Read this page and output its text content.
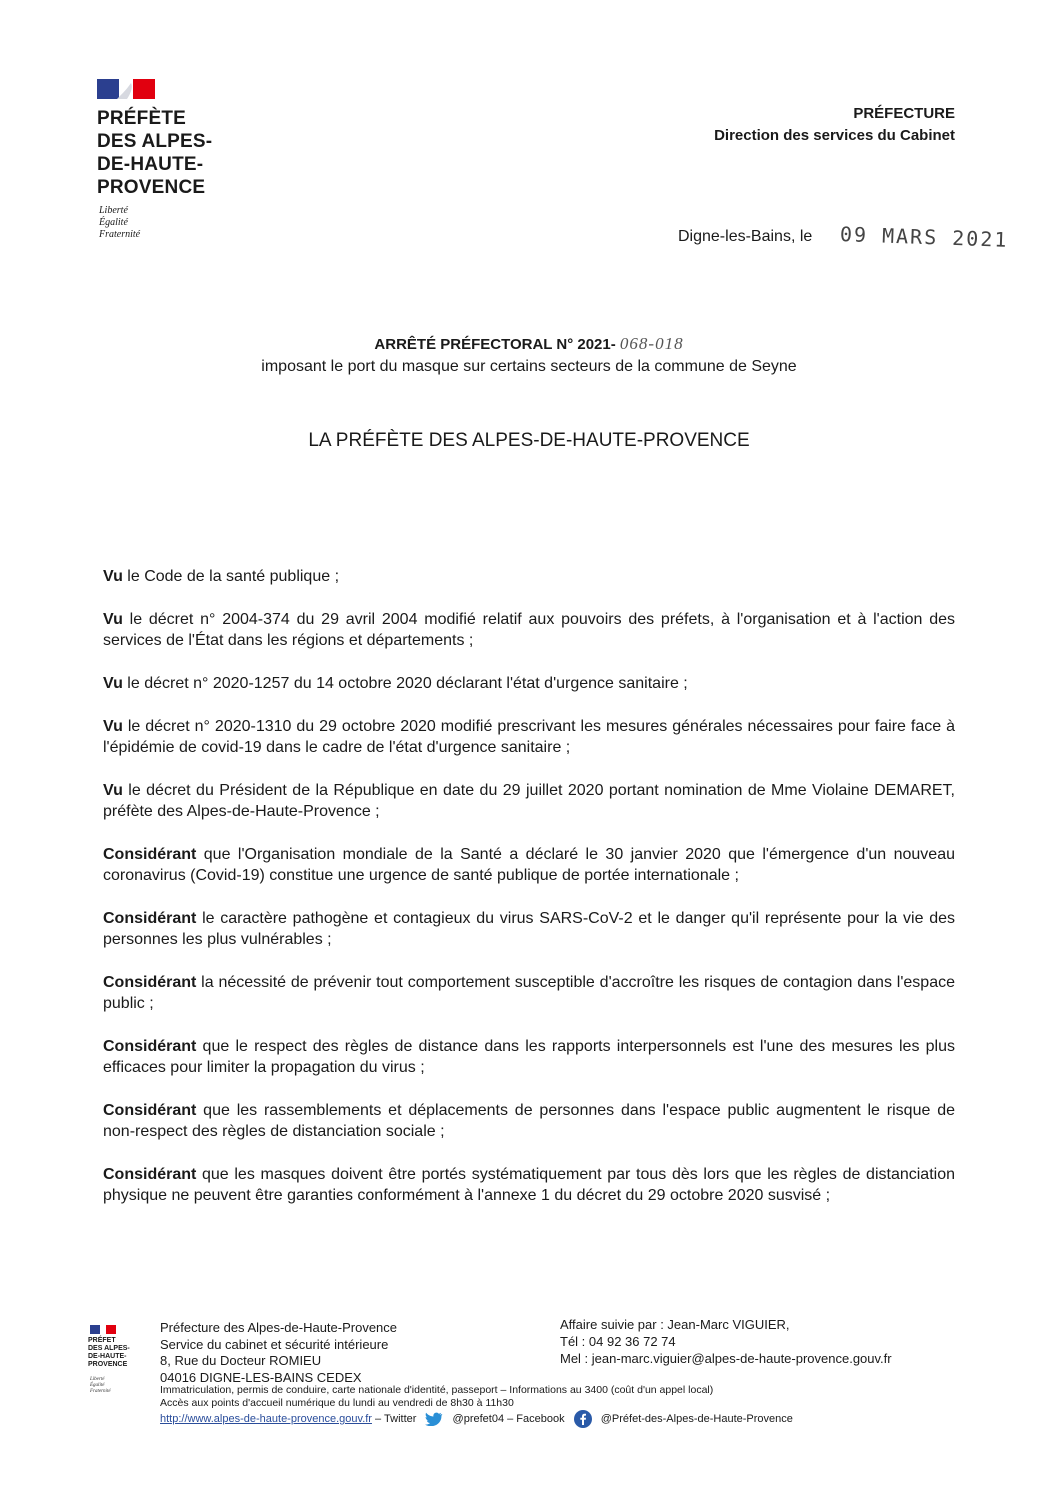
PRÉFÈTE
DES ALPES-
DE-HAUTE-
PROVENCE
Liberté
Égalité
Fraternité
PRÉFECTURE
Direction des services du Cabinet
Digne-les-Bains, le 09 MARS 2021
ARRÊTÉ PRÉFECTORAL N° 2021- 068-018
imposant le port du masque sur certains secteurs de la commune de Seyne
LA PRÉFÈTE DES ALPES-DE-HAUTE-PROVENCE

Vu le Code de la santé publique ;

Vu le décret n° 2004-374 du 29 avril 2004 modifié relatif aux pouvoirs des préfets, à l'organisation et à l'action des services de l'État dans les régions et départements ;

Vu le décret n° 2020-1257 du 14 octobre 2020 déclarant l'état d'urgence sanitaire ;

Vu le décret n° 2020-1310 du 29 octobre 2020 modifié prescrivant les mesures générales nécessaires pour faire face à l'épidémie de covid-19 dans le cadre de l'état d'urgence sanitaire ;

Vu le décret du Président de la République en date du 29 juillet 2020 portant nomination de Mme Violaine DEMARET, préfète des Alpes-de-Haute-Provence ;

Considérant que l'Organisation mondiale de la Santé a déclaré le 30 janvier 2020 que l'émergence d'un nouveau coronavirus (Covid-19) constitue une urgence de santé publique de portée internationale ;

Considérant le caractère pathogène et contagieux du virus SARS-CoV-2 et le danger qu'il représente pour la vie des personnes les plus vulnérables ;

Considérant la nécessité de prévenir tout comportement susceptible d'accroître les risques de contagion dans l'espace public ;

Considérant que le respect des règles de distance dans les rapports interpersonnels est l'une des mesures les plus efficaces pour limiter la propagation du virus ;

Considérant que les rassemblements et déplacements de personnes dans l'espace public augmentent le risque de non-respect des règles de distanciation sociale ;

Considérant que les masques doivent être portés systématiquement par tous dès lors que les règles de distanciation physique ne peuvent être garanties conformément à l'annexe 1 du décret du 29 octobre 2020 susvisé ;

PRÉFET
DES ALPES-
DE-HAUTE-
PROVENCE
Liberté
Égalité
Fraternité
Préfecture des Alpes-de-Haute-Provence
Service du cabinet et sécurité intérieure
8, Rue du Docteur ROMIEU
04016 DIGNE-LES-BAINS CEDEX
Affaire suivie par : Jean-Marc VIGUIER,
Tél : 04 92 36 72 74
Mel : jean-marc.viguier@alpes-de-haute-provence.gouv.fr
Immatriculation, permis de conduire, carte nationale d'identité, passeport – Informations au 3400 (coût d'un appel local)
Accès aux points d'accueil numérique du lundi au vendredi de 8h30 à 11h30
http://www.alpes-de-haute-provence.gouv.fr – Twitter	@prefet04 – Facebook	@Préfet-des-Alpes-de-Haute-Provence
